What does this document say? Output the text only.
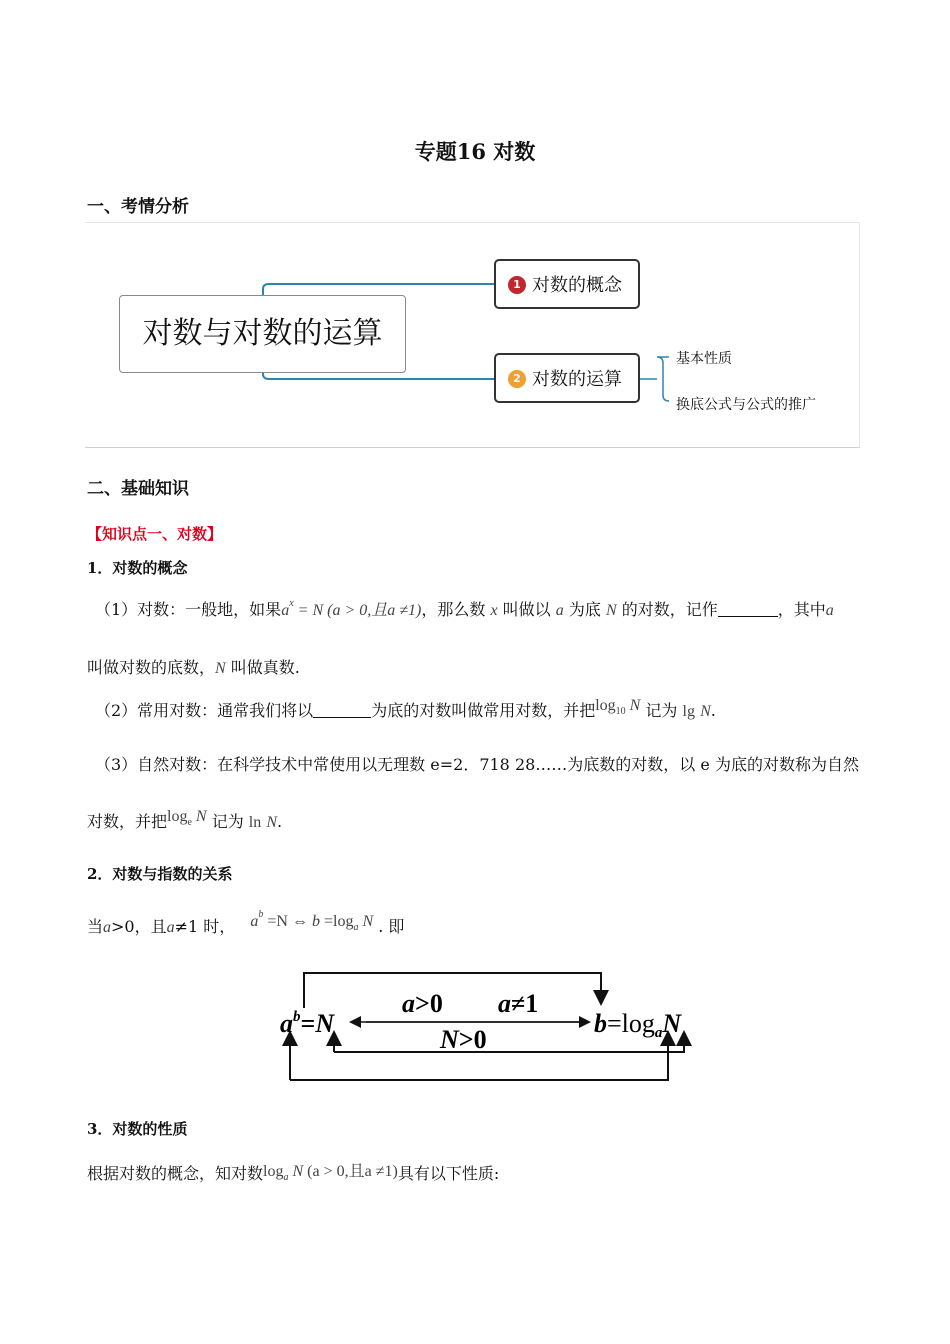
专题16 对数
一、考情分析
对数与对数的运算
1 对数的概念
2 对数的运算
基本性质
换底公式与公式的推广
二、基础知识
【知识点一、对数】
1．对数的概念
（1）对数：一般地，如果$a^x = N$ (a > 0,且a ≠1)，那么数 x 叫做以 a 为底 N 的对数，记作	，其中a
叫做对数的底数，N 叫做真数.
（2）常用对数：通常我们将以	为底的对数叫做常用对数，并把$\log_{10} N$ 记为 lg N.
（3）自然对数：在科学技术中常使用以无理数 e=2．718 28……为底数的对数，以 e 为底的对数称为自然
对数，并把$\log_e N$ 记为 ln N.
2．对数与指数的关系
当a>0，且a≠1 时， $a^b =N$ ⇔ $b =\log_a$ N . 即
$a^b=N$
a>0 a≠1
N>0
b=logaN
3．对数的性质
根据对数的概念，知对数$\log_a N$ (a > 0,且a ≠1)具有以下性质:
